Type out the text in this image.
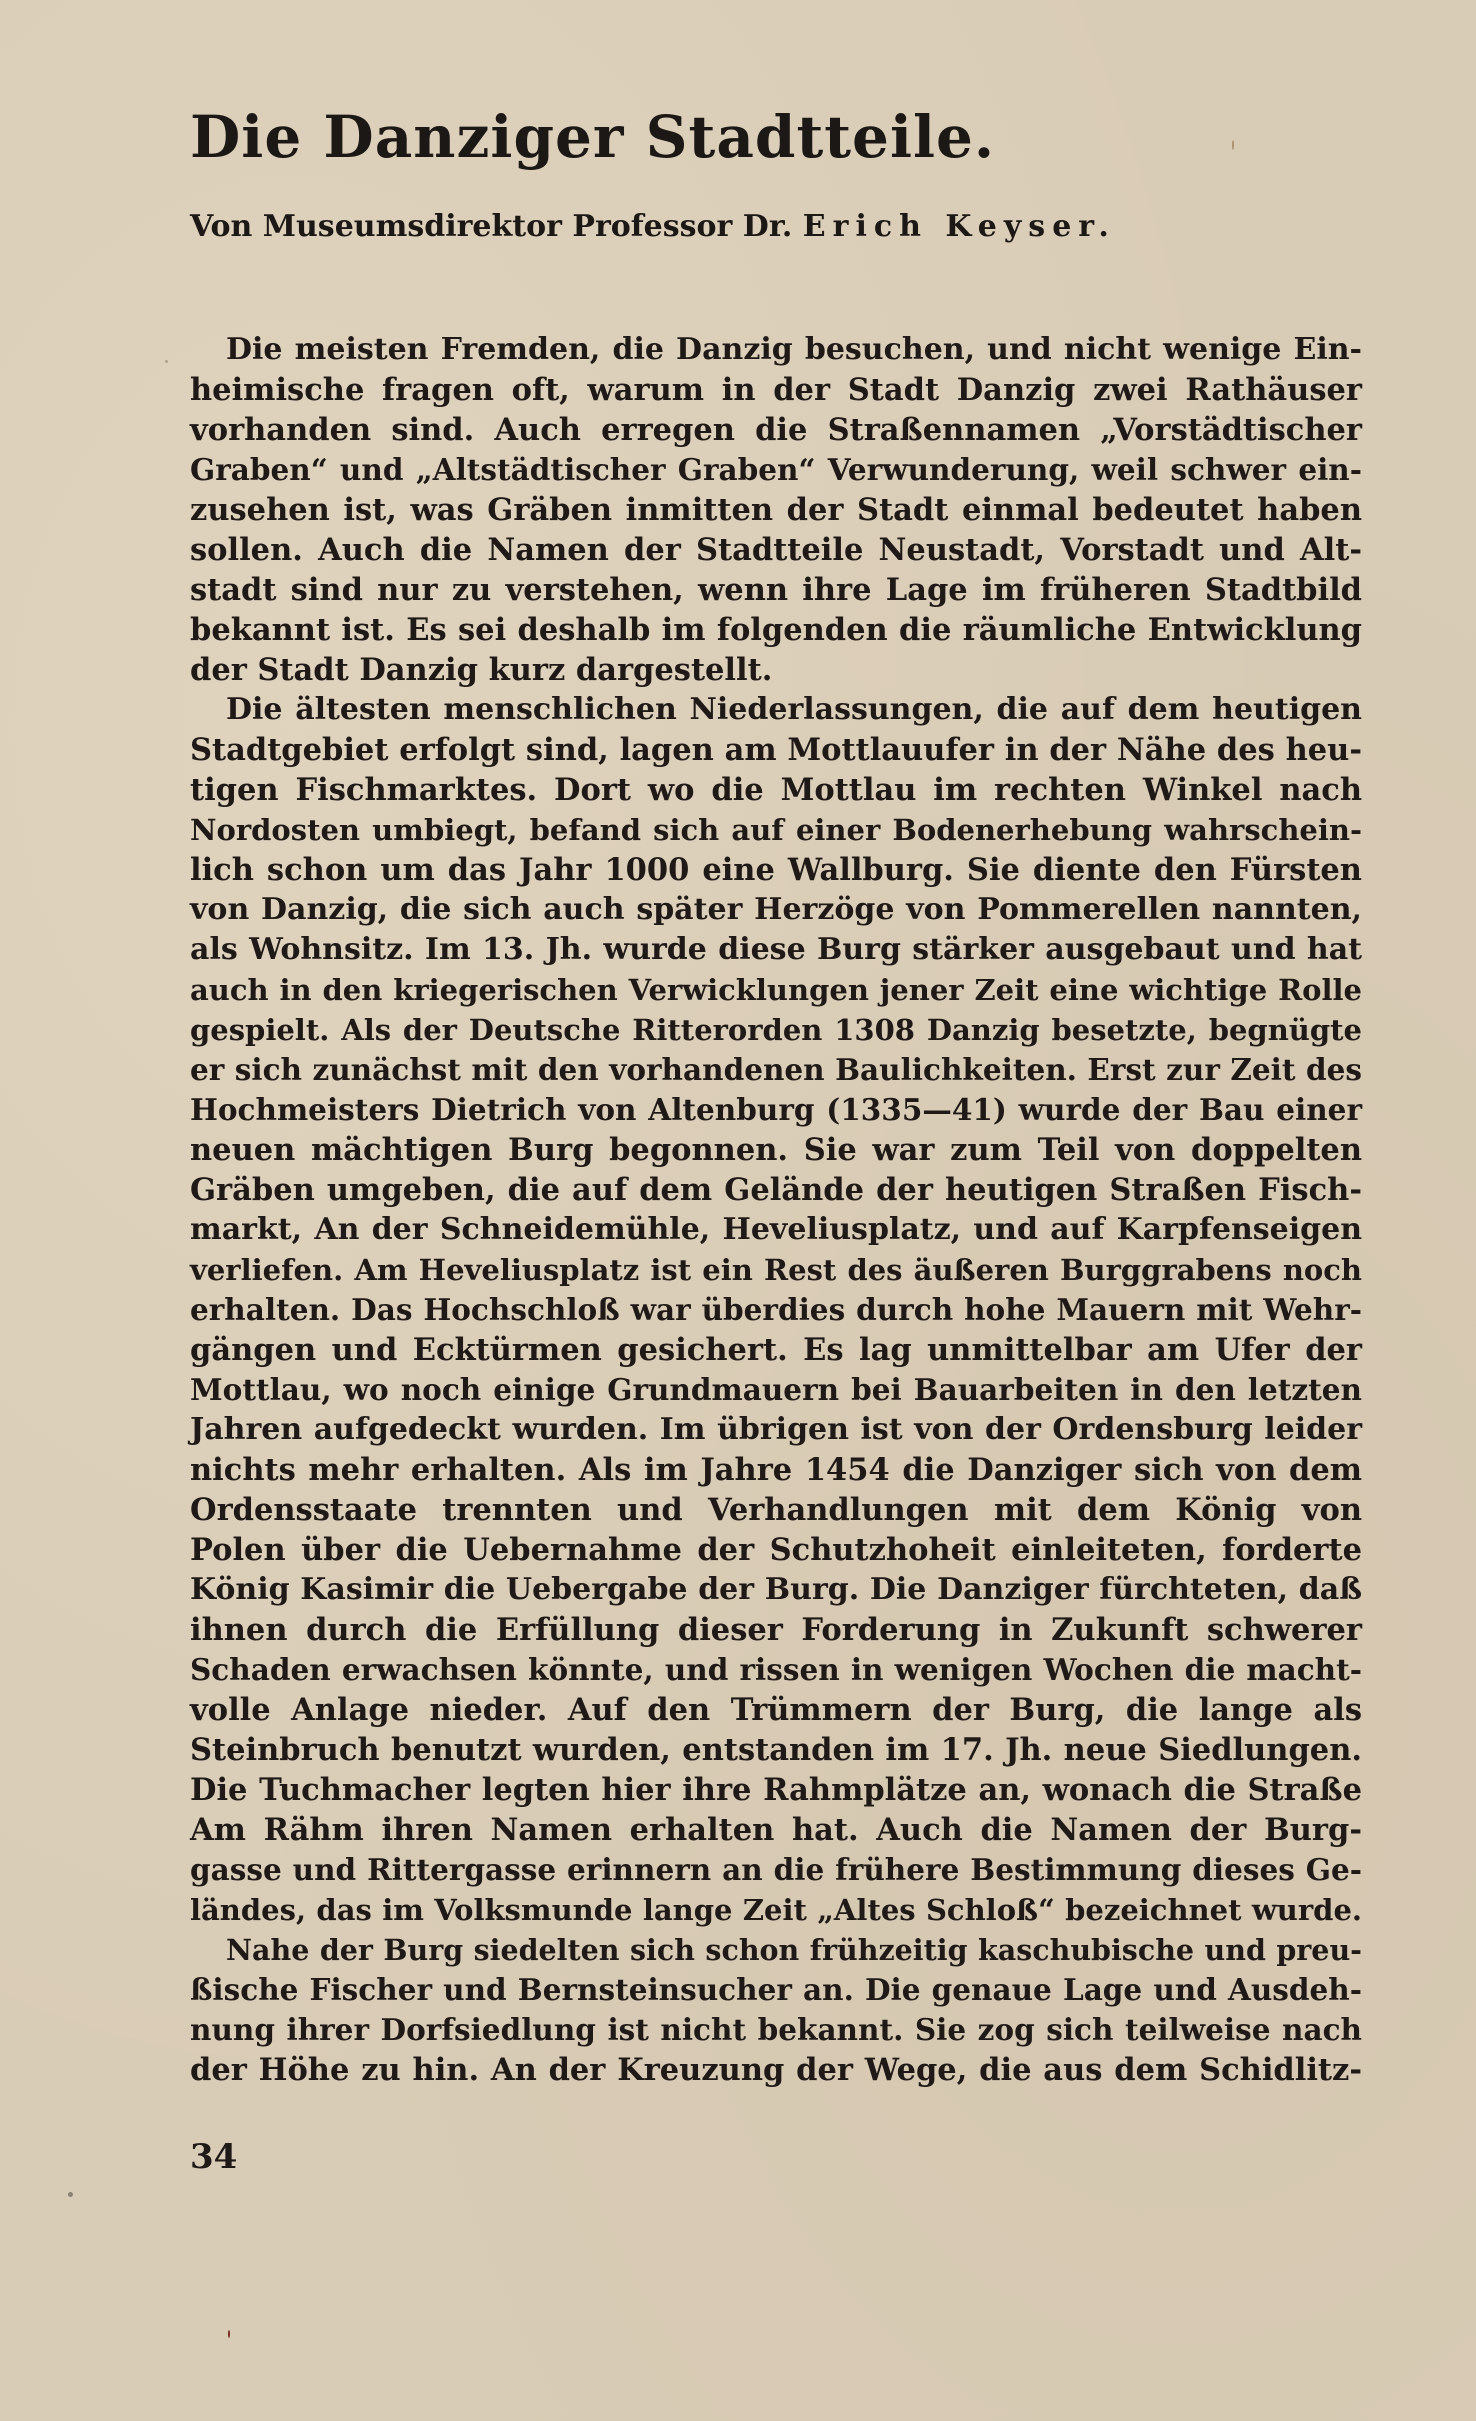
Die Danziger Stadtteile.

Von Museumsdirektor Professor Dr. Erich Keyser.

Die meisten Fremden, die Danzig besuchen, und nicht wenige Ein-
heimische fragen oft, warum in der Stadt Danzig zwei Rathäuser
vorhanden sind. Auch erregen die Straßennamen „Vorstädtischer
Graben“ und „Altstädtischer Graben“ Verwunderung, weil schwer ein-
zusehen ist, was Gräben inmitten der Stadt einmal bedeutet haben
sollen. Auch die Namen der Stadtteile Neustadt, Vorstadt und Alt-
stadt sind nur zu verstehen, wenn ihre Lage im früheren Stadtbild
bekannt ist. Es sei deshalb im folgenden die räumliche Entwicklung
der Stadt Danzig kurz dargestellt.
Die ältesten menschlichen Niederlassungen, die auf dem heutigen
Stadtgebiet erfolgt sind, lagen am Mottlauufer in der Nähe des heu-
tigen Fischmarktes. Dort wo die Mottlau im rechten Winkel nach
Nordosten umbiegt, befand sich auf einer Bodenerhebung wahrschein-
lich schon um das Jahr 1000 eine Wallburg. Sie diente den Fürsten
von Danzig, die sich auch später Herzöge von Pommerellen nannten,
als Wohnsitz. Im 13. Jh. wurde diese Burg stärker ausgebaut und hat
auch in den kriegerischen Verwicklungen jener Zeit eine wichtige Rolle
gespielt. Als der Deutsche Ritterorden 1308 Danzig besetzte, begnügte
er sich zunächst mit den vorhandenen Baulichkeiten. Erst zur Zeit des
Hochmeisters Dietrich von Altenburg (1335—41) wurde der Bau einer
neuen mächtigen Burg begonnen. Sie war zum Teil von doppelten
Gräben umgeben, die auf dem Gelände der heutigen Straßen Fisch-
markt, An der Schneidemühle, Heveliusplatz, und auf Karpfenseigen
verliefen. Am Heveliusplatz ist ein Rest des äußeren Burggrabens noch
erhalten. Das Hochschloß war überdies durch hohe Mauern mit Wehr-
gängen und Ecktürmen gesichert. Es lag unmittelbar am Ufer der
Mottlau, wo noch einige Grundmauern bei Bauarbeiten in den letzten
Jahren aufgedeckt wurden. Im übrigen ist von der Ordensburg leider
nichts mehr erhalten. Als im Jahre 1454 die Danziger sich von dem
Ordensstaate trennten und Verhandlungen mit dem König von
Polen über die Uebernahme der Schutzhoheit einleiteten, forderte
König Kasimir die Uebergabe der Burg. Die Danziger fürchteten, daß
ihnen durch die Erfüllung dieser Forderung in Zukunft schwerer
Schaden erwachsen könnte, und rissen in wenigen Wochen die macht-
volle Anlage nieder. Auf den Trümmern der Burg, die lange als
Steinbruch benutzt wurden, entstanden im 17. Jh. neue Siedlungen.
Die Tuchmacher legten hier ihre Rahmplätze an, wonach die Straße
Am Rähm ihren Namen erhalten hat. Auch die Namen der Burg-
gasse und Rittergasse erinnern an die frühere Bestimmung dieses Ge-
ländes, das im Volksmunde lange Zeit „Altes Schloß“ bezeichnet wurde.
Nahe der Burg siedelten sich schon frühzeitig kaschubische und preu-
ßische Fischer und Bernsteinsucher an. Die genaue Lage und Ausdeh-
nung ihrer Dorfsiedlung ist nicht bekannt. Sie zog sich teilweise nach
der Höhe zu hin. An der Kreuzung der Wege, die aus dem Schidlitz-
34
